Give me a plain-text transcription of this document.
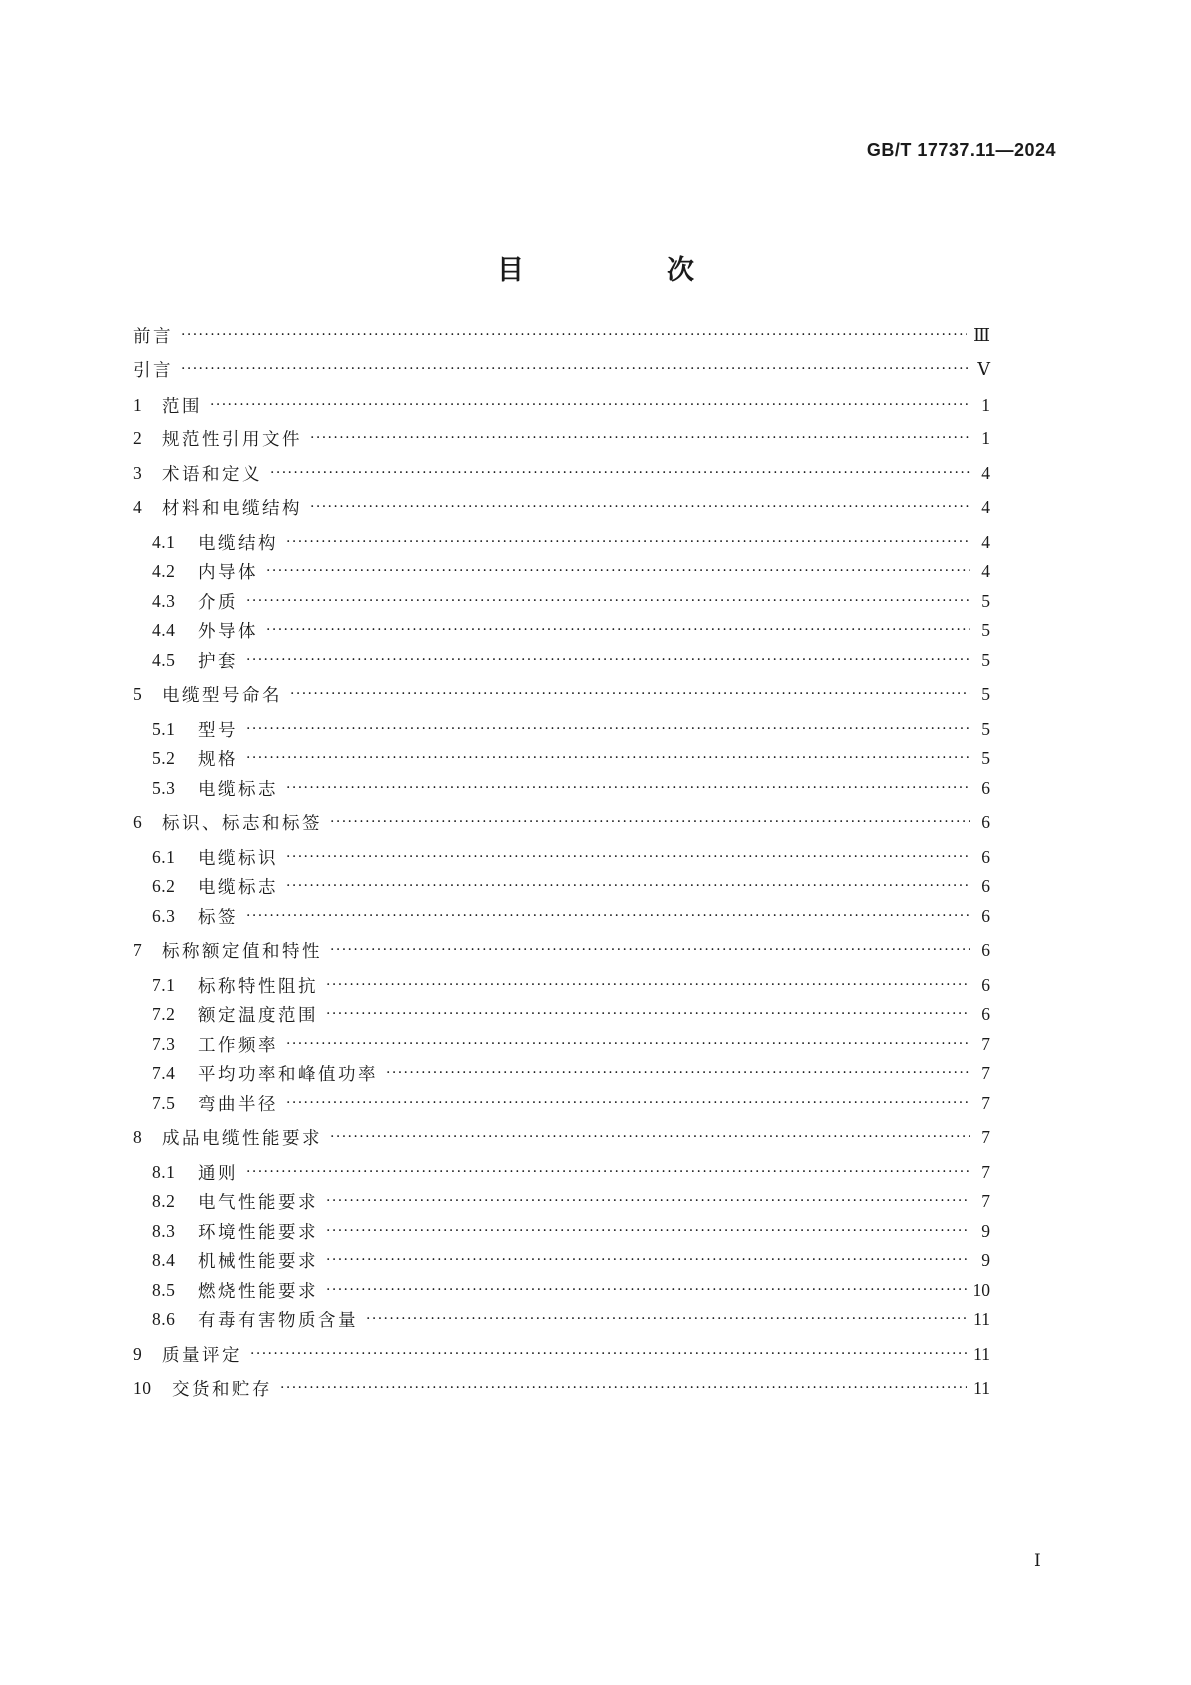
GB/T 17737.11—2024
目　次
前言 ·····	Ⅲ
引言 ·····	Ⅴ
1	范围 ·····	1
2	规范性引用文件 ·····	1
3	术语和定义 ·····	4
4	材料和电缆结构 ·····	4
4.1	电缆结构 ·····	4
4.2	内导体 ·····	4
4.3	介质 ·····	5
4.4	外导体 ·····	5
4.5	护套 ·····	5
5	电缆型号命名 ·····	5
5.1	型号 ·····	5
5.2	规格 ·····	5
5.3	电缆标志 ·····	6
6	标识、标志和标签 ·····	6
6.1	电缆标识 ·····	6
6.2	电缆标志 ·····	6
6.3	标签 ·····	6
7	标称额定值和特性 ·····	6
7.1	标称特性阻抗 ·····	6
7.2	额定温度范围 ·····	6
7.3	工作频率 ·····	7
7.4	平均功率和峰值功率 ·····	7
7.5	弯曲半径 ·····	7
8	成品电缆性能要求 ·····	7
8.1	通则 ·····	7
8.2	电气性能要求 ·····	7
8.3	环境性能要求 ·····	9
8.4	机械性能要求 ·····	9
8.5	燃烧性能要求 ·····	10
8.6	有毒有害物质含量 ·····	11
9	质量评定 ·····	11
10	交货和贮存 ·····	11
Ⅰ
